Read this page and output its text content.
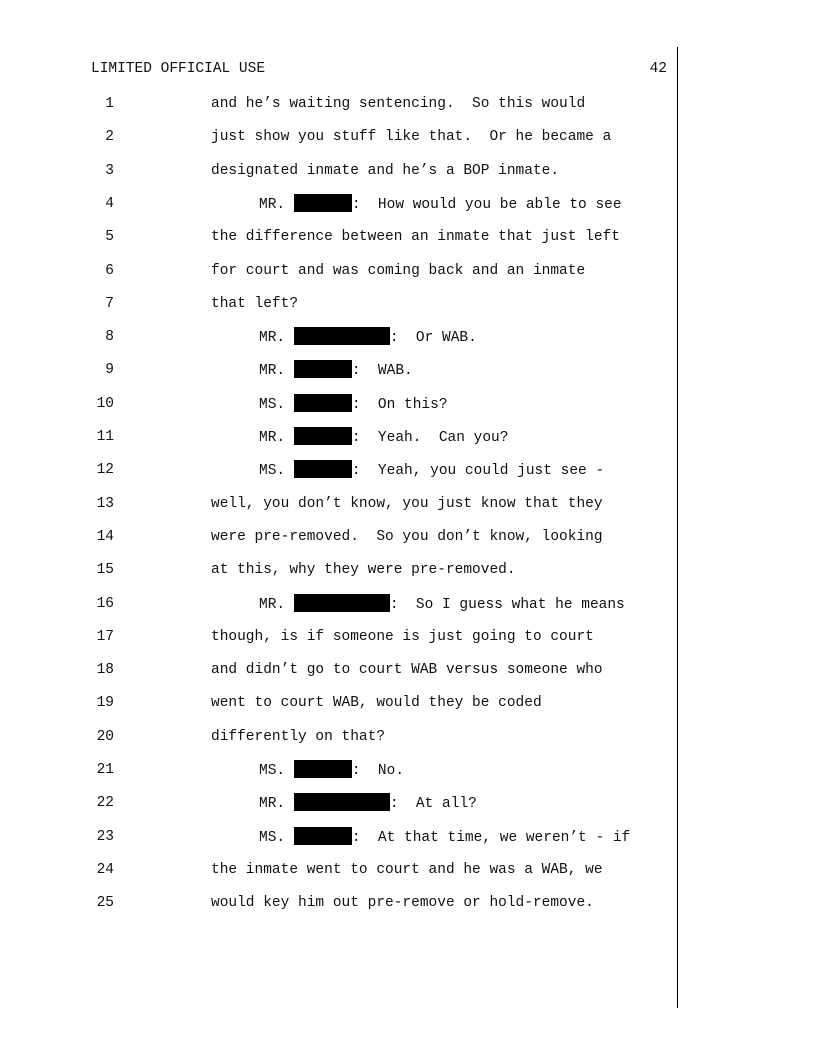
LIMITED OFFICIAL USE	42
1	and he’s waiting sentencing.  So this would
2	just show you stuff like that.  Or he became a
3	designated inmate and he’s a BOP inmate.
4	MR.	:  How would you be able to see
5	the difference between an inmate that just left
6	for court and was coming back and an inmate
7	that left?
8	MR.	:  Or WAB.
9	MR.	:  WAB.
10	MS.	:  On this?
11	MR.	:  Yeah.  Can you?
12	MS.	:  Yeah, you could just see -
13	well, you don’t know, you just know that they
14	were pre-removed.  So you don’t know, looking
15	at this, why they were pre-removed.
16	MR.	:  So I guess what he means
17	though, is if someone is just going to court
18	and didn’t go to court WAB versus someone who
19	went to court WAB, would they be coded
20	differently on that?
21	MS.	:  No.
22	MR.	:  At all?
23	MS.	:  At that time, we weren’t - if
24	the inmate went to court and he was a WAB, we
25	would key him out pre-remove or hold-remove.
